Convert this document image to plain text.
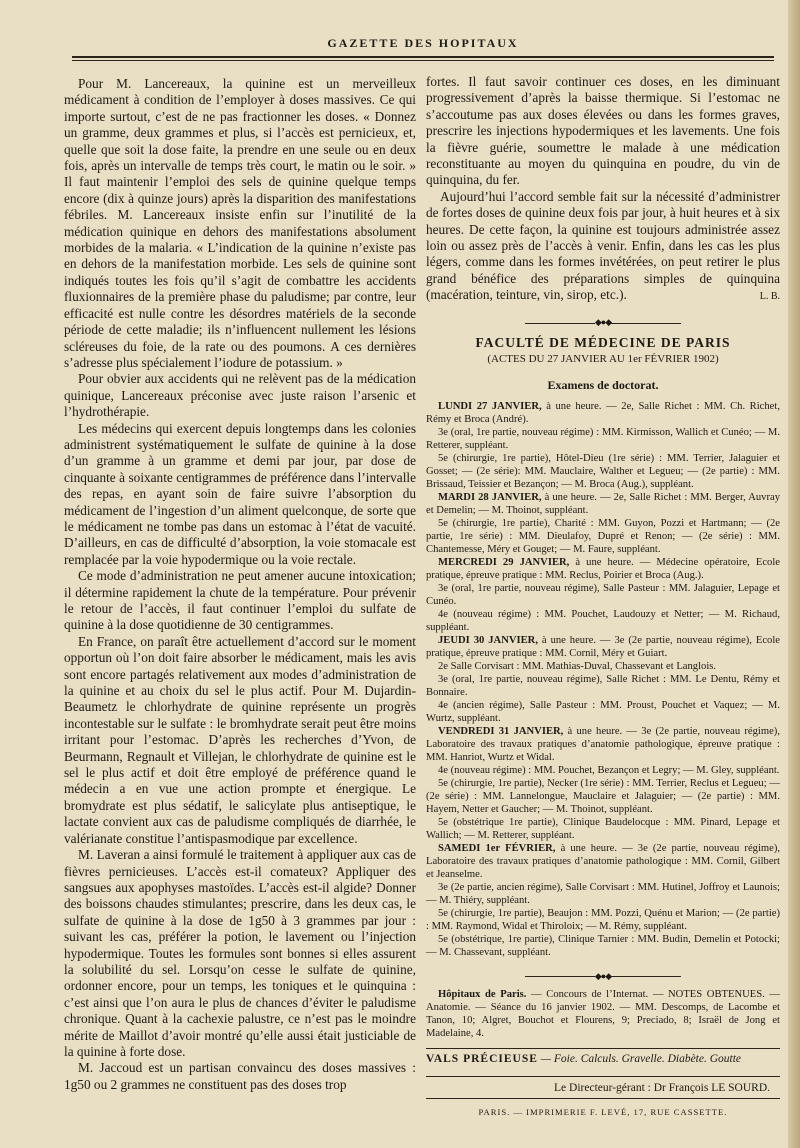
GAZETTE DES HOPITAUX

Pour M. Lancereaux, la quinine est un merveilleux médicament à condition de l’employer à doses massives. Ce qui importe surtout, c’est de ne pas fractionner les doses. « Donnez un gramme, deux grammes et plus, si l’accès est pernicieux, et, quelle que soit la dose faite, la prendre en une seule ou en deux fois, après un intervalle de temps très court, le matin ou le soir. » Il faut maintenir l’emploi des sels de quinine quelque temps encore (dix à quinze jours) après la disparition des manifestations fébriles. M. Lancereaux insiste enfin sur l’inutilité de la médication quinique en dehors des manifestations absolument morbides de la malaria. « L’indication de la quinine n’existe pas en dehors de la manifestation morbide. Les sels de quinine sont indiqués toutes les fois qu’il s’agit de combattre les accidents fluxionnaires de la première phase du paludisme; par contre, leur efficacité est nulle contre les désordres matériels de la seconde période de cette maladie; ils n’influencent nullement les lésions scléreuses du foie, de la rate ou des poumons. A ces dernières s’adresse plus spécialement l’iodure de potassium. »

Pour obvier aux accidents qui ne relèvent pas de la médication quinique, Lancereaux préconise avec juste raison l’arsenic et l’hydrothérapie.

Les médecins qui exercent depuis longtemps dans les colonies administrent systématiquement le sulfate de quinine à la dose d’un gramme à un gramme et demi par jour, par dose de cinquante à soixante centigrammes de préférence dans l’intervalle des repas, en ayant soin de faire suivre l’absorption du médicament de l’ingestion d’un aliment quelconque, de sorte que le médicament ne tombe pas dans un estomac à l’état de vacuité. D’ailleurs, en cas de difficulté d’absorption, la voie stomacale est remplacée par la voie hypodermique ou la voie rectale.

Ce mode d’administration ne peut amener aucune intoxication; il détermine rapidement la chute de la température. Pour prévenir le retour de l’accès, il faut continuer l’emploi du sulfate de quinine à la dose quotidienne de 30 centigrammes.

En France, on paraît être actuellement d’accord sur le moment opportun où l’on doit faire absorber le médicament, mais les avis sont encore partagés relativement aux modes d’administration de la quinine et au choix du sel le plus actif. Pour M. Dujardin-Beaumetz le chlorhydrate de quinine représente un progrès incontestable sur le sulfate : le bromhydrate serait peut être moins irritant pour l’estomac. D’après les recherches d’Yvon, de Beurmann, Regnault et Villejan, le chlorhydrate de quinine est le sel le plus actif et doit être employé de préférence quand le médecin a en vue une action prompte et énergique. Le bromydrate est plus sédatif, le salicylate plus antiseptique, le lactate convient aux cas de paludisme compliqués de diarrhée, le valérianate constitue l’antispasmodique par excellence.

M. Laveran a ainsi formulé le traitement à appliquer aux cas de fièvres pernicieuses. L’accès est-il comateux? Appliquer des sangsues aux apophyses mastoïdes. L’accès est-il algide? Donner des boissons chaudes stimulantes; prescrire, dans les deux cas, le sulfate de quinine à la dose de 1g50 à 3 grammes par jour : suivant les cas, préférer la potion, le lavement ou l’injection hypodermique. Toutes les formules sont bonnes si elles assurent la solubilité du sel. Lorsqu’on cesse le sulfate de quinine, ordonner encore, pour un temps, les toniques et le quinquina : c’est ainsi que l’on aura le plus de chances d’éviter le paludisme chronique. Quant à la cachexie palustre, ce n’est pas le moindre mérite de Maillot d’avoir montré qu’elle aussi était justiciable de la quinine à forte dose.

M. Jaccoud est un partisan convaincu des doses massives : 1g50 ou 2 grammes ne constituent pas des doses trop

fortes. Il faut savoir continuer ces doses, en les diminuant progressivement d’après la baisse thermique. Si l’estomac ne s’accoutume pas aux doses élevées ou dans les formes graves, prescrire les injections hypodermiques et les lavements. Une fois la fièvre guérie, soumettre le malade à une médication reconstituante au moyen du quinquina en poudre, du vin de quinquina, du fer.

Aujourd’hui l’accord semble fait sur la nécessité d’administrer de fortes doses de quinine deux fois par jour, à huit heures et à six heures. De cette façon, la quinine est toujours administrée assez loin ou assez près de l’accès à venir. Enfin, dans les cas les plus légers, comme dans les formes invétérées, on peut retirer le plus grand bénéfice des préparations simples de quinquina (macération, teinture, vin, sirop, etc.).	L. B.
◆●◆
FACULTÉ DE MÉDECINE DE PARIS
(ACTES DU 27 JANVIER AU 1er FÉVRIER 1902)
Examens de doctorat.

LUNDI 27 JANVIER, à une heure. — 2e, Salle Richet : MM. Ch. Richet, Rémy et Broca (André).

3e (oral, 1re partie, nouveau régime) : MM. Kirmisson, Wallich et Cunéo; — M. Retterer, suppléant.

5e (chirurgie, 1re partie), Hôtel-Dieu (1re série) : MM. Terrier, Jalaguier et Gosset; — (2e série): MM. Mauclaire, Walther et Legueu; — (2e partie) : MM. Brissaud, Teissier et Bezançon; — M. Broca (Aug.), suppléant.

MARDI 28 JANVIER, à une heure. — 2e, Salle Richet : MM. Berger, Auvray et Demelin; — M. Thoinot, suppléant.

5e (chirurgie, 1re partie), Charité : MM. Guyon, Pozzi et Hartmann; — (2e partie, 1re série) : MM. Dieulafoy, Dupré et Renon; — (2e série) : MM. Chantemesse, Méry et Gouget; — M. Faure, suppléant.

MERCREDI 29 JANVIER, à une heure. — Médecine opératoire, Ecole pratique, épreuve pratique : MM. Reclus, Poirier et Broca (Aug.).

3e (oral, 1re partie, nouveau régime), Salle Pasteur : MM. Jalaguier, Lepage et Cunéo.

4e (nouveau régime) : MM. Pouchet, Laudouzy et Netter; — M. Richaud, suppléant.

JEUDI 30 JANVIER, à une heure. — 3e (2e partie, nouveau régime), Ecole pratique, épreuve pratique : MM. Cornil, Méry et Guiart.

2e Salle Corvisart : MM. Mathias-Duval, Chassevant et Langlois.

3e (oral, 1re partie, nouveau régime), Salle Richet : MM. Le Dentu, Rémy et Bonnaire.

4e (ancien régime), Salle Pasteur : MM. Proust, Pouchet et Vaquez; — M. Wurtz, suppléant.

VENDREDI 31 JANVIER, à une heure. — 3e (2e partie, nouveau régime), Laboratoire des travaux pratiques d’anatomie pathologique, épreuve pratique : MM. Hanriot, Wurtz et Widal.

4e (nouveau régime) : MM. Pouchet, Bezançon et Legry; — M. Gley, suppléant.

5e (chirurgie, 1re partie), Necker (1re série) : MM. Terrier, Reclus et Legueu; — (2e série) : MM. Lannelongue, Mauclaire et Jalaguier; — (2e partie) : MM. Hayem, Netter et Gaucher; — M. Thoinot, suppléant.

5e (obstétrique 1re partie), Clinique Baudelocque : MM. Pinard, Lepage et Wallich; — M. Retterer, suppléant.

SAMEDI 1er FÉVRIER, à une heure. — 3e (2e partie, nouveau régime), Laboratoire des travaux pratiques d’anatomie pathologique : MM. Cornil, Gilbert et Jeanselme.

3e (2e partie, ancien régime), Salle Corvisart : MM. Hutinel, Joffroy et Launois; — M. Thiéry, suppléant.

5e (chirurgie, 1re partie), Beaujon : MM. Pozzi, Quénu et Marion; — (2e partie) : MM. Raymond, Widal et Thiroloix; — M. Rémy, suppléant.

5e (obstétrique, 1re partie), Clinique Tarnier : MM. Budin, Demelin et Potocki; — M. Chassevant, suppléant.

◆●◆

Hôpitaux de Paris. — Concours de l’Internat. — NOTES OBTENUES. — Anatomie. — Séance du 16 janvier 1902. — MM. Descomps, de Lacombe et Tanon, 10; Algret, Bouchot et Flourens, 9; Preciado, 8; Israël de Jong et Madelaine, 4.

VALS PRÉCIEUSE — Foie. Calculs. Gravelle. Diabète. Goutte
Le Directeur-gérant : Dr François LE SOURD.
PARIS. — IMPRIMERIE F. LEVÉ, 17, RUE CASSETTE.
